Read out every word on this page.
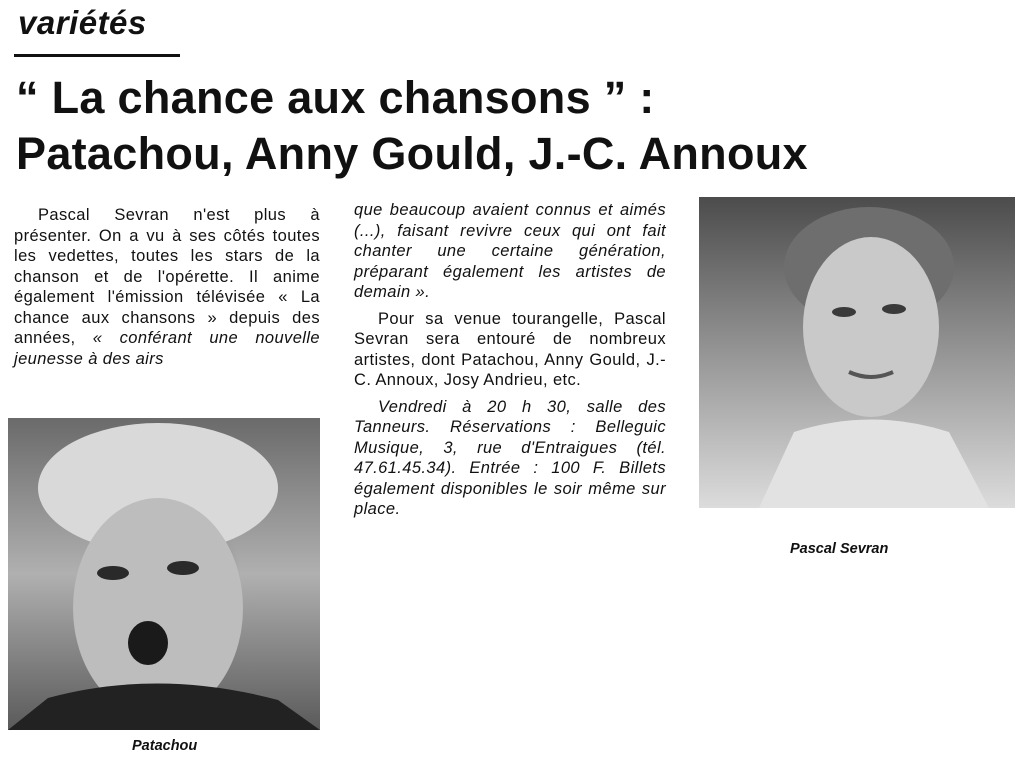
variétés
“ La chance aux chansons ” :
Patachou, Anny Gould, J.-C. Annoux

Pascal Sevran n'est plus à présenter. On a vu à ses côtés toutes les vedettes, toutes les stars de la chanson et de l'opérette. Il anime également l'émission télévisée « La chance aux chansons » depuis des années, « conférant une nouvelle jeunesse à des airs

que beaucoup avaient connus et aimés (...), faisant revivre ceux qui ont fait chanter une certaine génération, préparant également les artistes de demain ».

Pour sa venue tourangelle, Pascal Sevran sera entouré de nombreux artistes, dont Patachou, Anny Gould, J.-C. Annoux, Josy Andrieu, etc.

Vendredi à 20 h 30, salle des Tanneurs. Réservations : Belleguic Musique, 3, rue d'Entraigues (tél. 47.61.45.34). Entrée : 100 F. Billets également disponibles le soir même sur place.

Patachou
Pascal Sevran
